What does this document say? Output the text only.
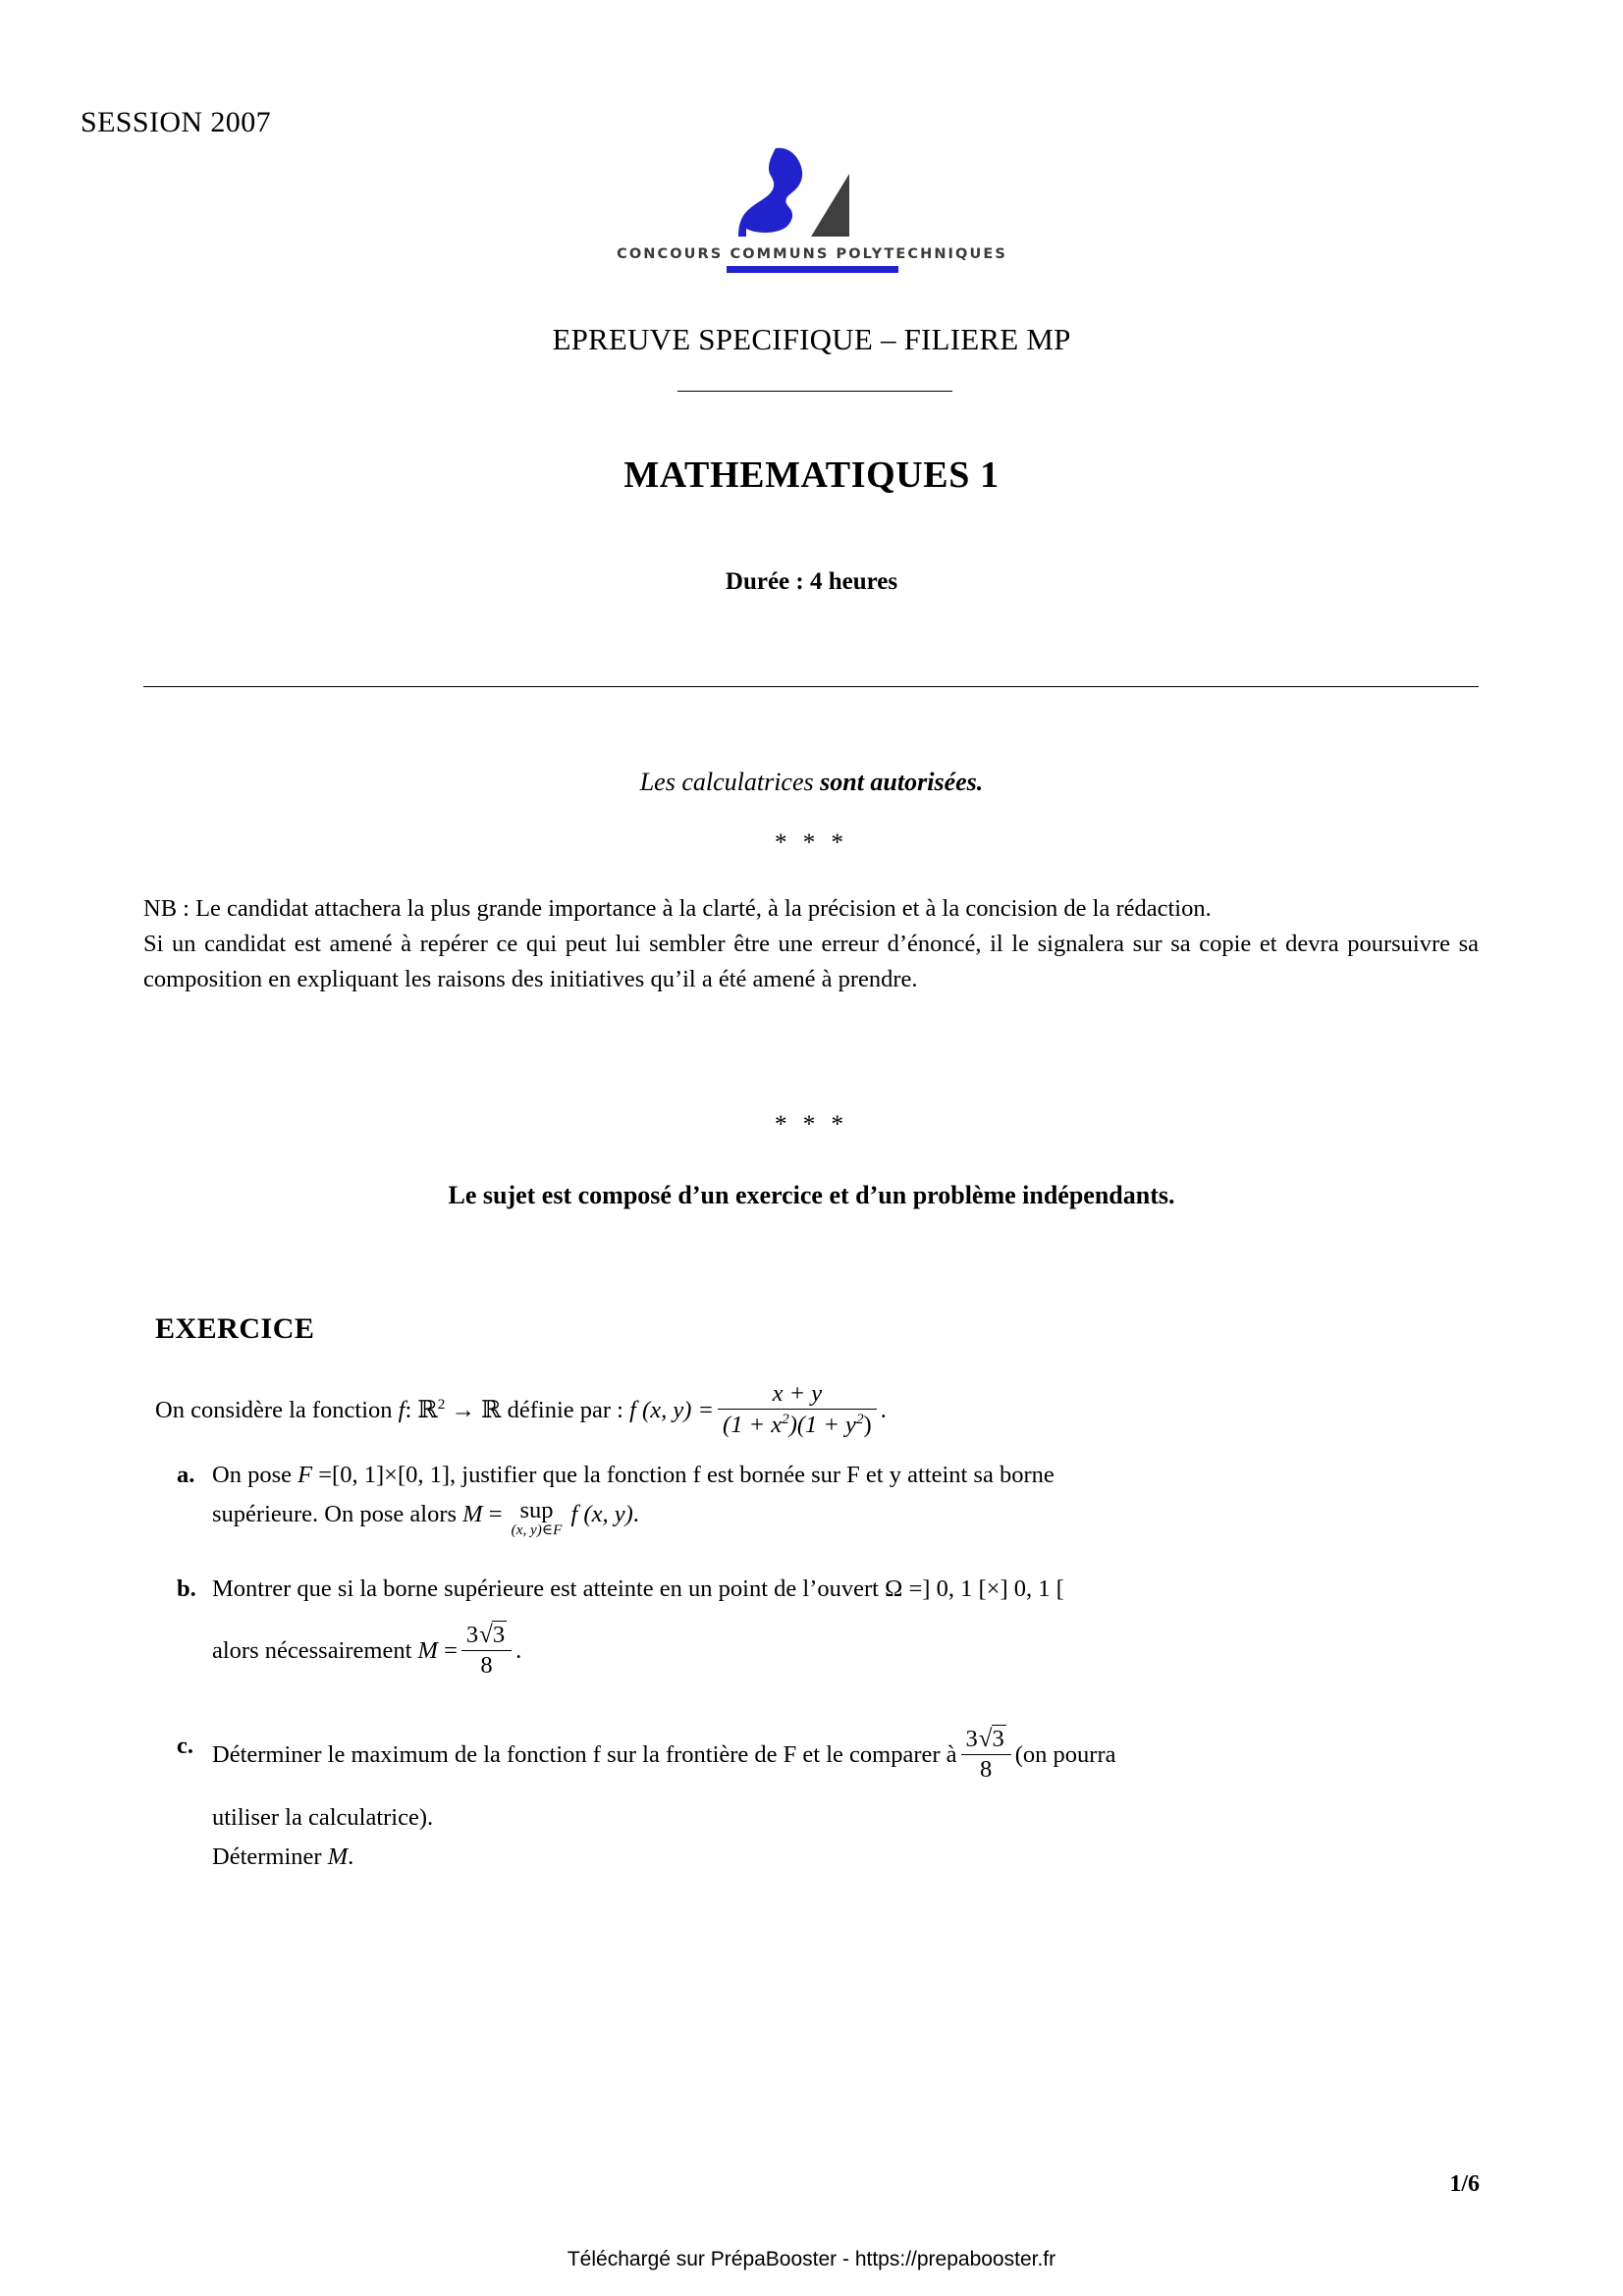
SESSION 2007
CONCOURS COMMUNS POLYTECHNIQUES
EPREUVE SPECIFIQUE – FILIERE MP
MATHEMATIQUES 1
Durée : 4 heures
Les calculatrices sont autorisées.
* * *

NB : Le candidat attachera la plus grande importance à la clarté, à la précision et à la concision de la rédaction.

Si un candidat est amené à repérer ce qui peut lui sembler être une erreur d’énoncé, il le signalera sur sa copie et devra poursuivre sa composition en expliquant les raisons des initiatives qu’il a été amené à prendre.

* * *
Le sujet est composé d’un exercice et d’un problème indépendants.
EXERCICE
On considère la fonction f: ℝ$^2$ → ℝ définie par : f (x, $y) = \frac{x + y}{(1 + x^2)(1 + y^2)}$ .
a. On pose F =[0, 1]×[0, 1], justifier que la fonction f est bornée sur F et y atteint sa borne
supérieure. On pose alors M = sup
(x, y)∈F
f (x, y).
b. Montrer que si la borne supérieure est atteinte en un point de l’ouvert Ω =] 0, 1 [×] 0, 1 [
alors nécessairement $M = \frac{3√3}{8}$ .
c. Déterminer le maximum de la fonction f sur la frontière de F et le comparer à $\frac{3√3}{8} (on$ pourra
utiliser la calculatrice).
Déterminer M.
1/6
Téléchargé sur PrépaBooster - https://prepabooster.fr
